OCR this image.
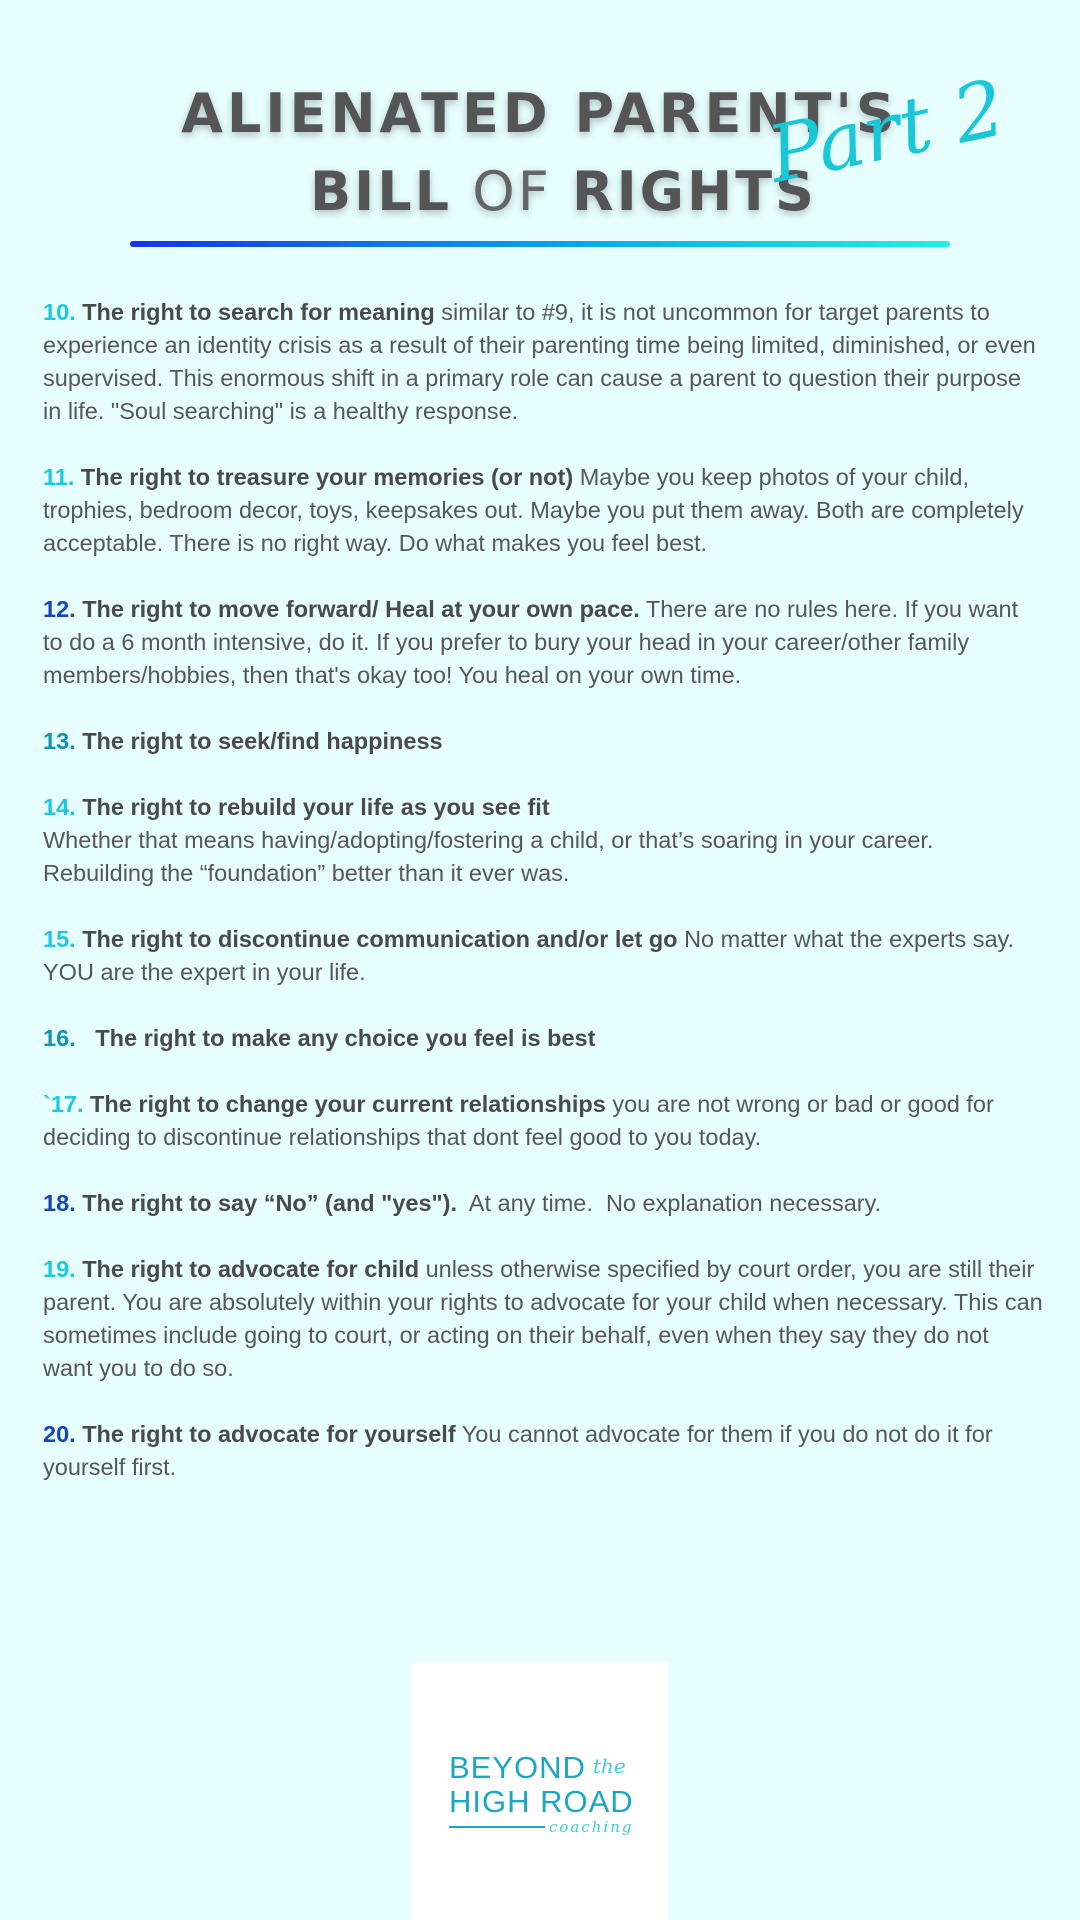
ALIENATED PARENT'S
BILL OF RIGHTS
Part 2
10. The right to search for meaning similar to #9, it is not uncommon for target parents to experience an identity crisis as a result of their parenting time being limited, diminished, or even supervised. This enormous shift in a primary role can cause a parent to question their purpose in life. "Soul searching" is a healthy response.
11. The right to treasure your memories (or not) Maybe you keep photos of your child, trophies, bedroom decor, toys, keepsakes out. Maybe you put them away. Both are completely acceptable. There is no right way. Do what makes you feel best.
12. The right to move forward/ Heal at your own pace. There are no rules here. If you want to do a 6 month intensive, do it. If you prefer to bury your head in your career/other family members/hobbies, then that's okay too! You heal on your own time.
13. The right to seek/find happiness
14. The right to rebuild your life as you see fit
Whether that means having/adopting/fostering a child, or that’s soaring in your career. Rebuilding the “foundation” better than it ever was.
15. The right to discontinue communication and/or let go No matter what the experts say. YOU are the expert in your life.
16.   The right to make any choice you feel is best
`17. The right to change your current relationships you are not wrong or bad or good for deciding to discontinue relationships that dont feel good to you today.
18. The right to say “No” (and "yes").  At any time.  No explanation necessary.
19. The right to advocate for child unless otherwise specified by court order, you are still their parent. You are absolutely within your rights to advocate for your child when necessary. This can sometimes include going to court, or acting on their behalf, even when they say they do not want you to do so.
20. The right to advocate for yourself You cannot advocate for them if you do not do it for yourself first.
BEYOND the
HIGH ROAD
coaching
